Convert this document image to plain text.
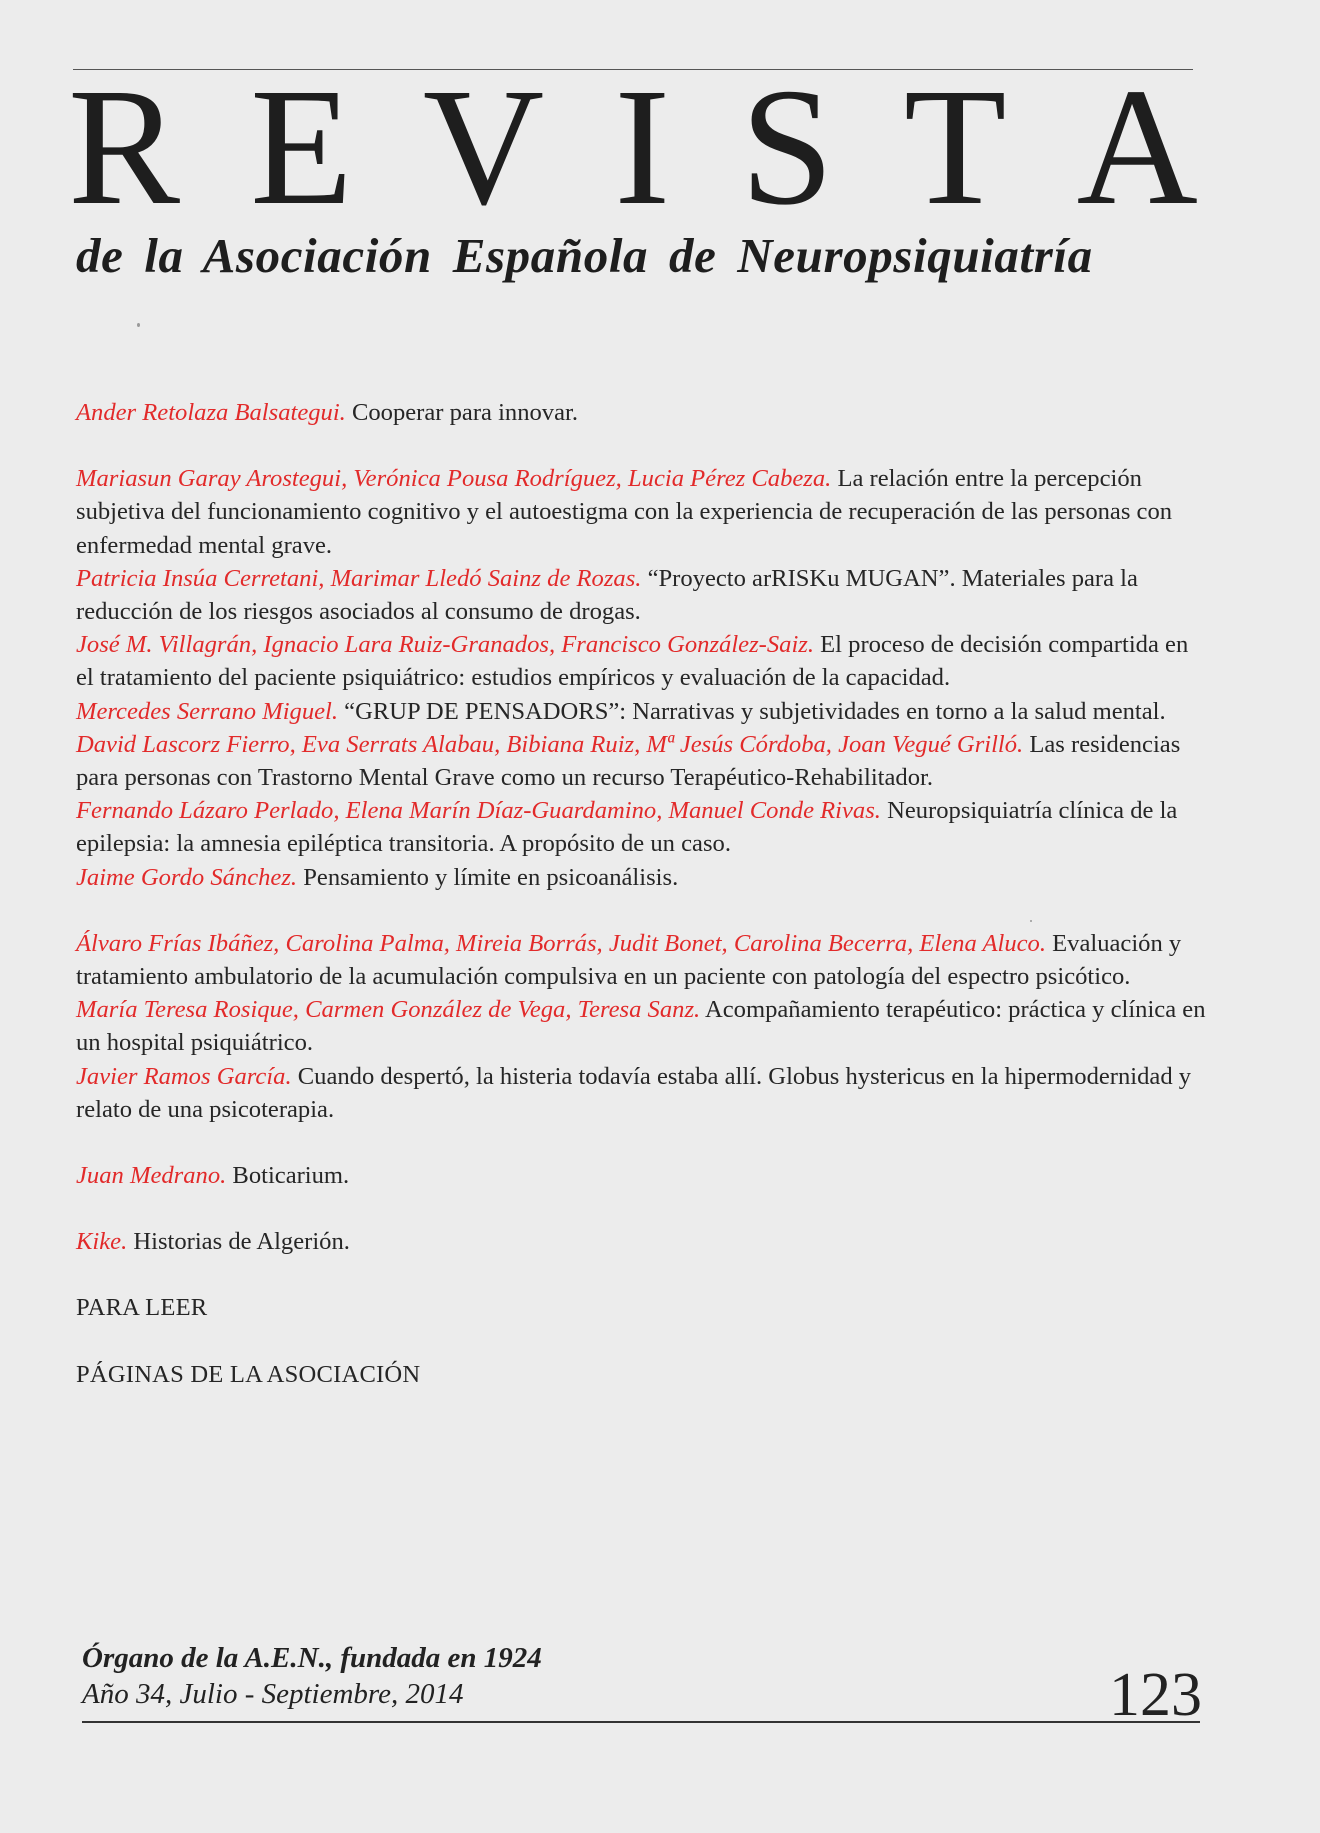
R E V I S T A
de la Asociación Española de Neuropsiquiatría

Ander Retolaza Balsategui. Cooperar para innovar.

Mariasun Garay Arostegui, Verónica Pousa Rodríguez, Lucia Pérez Cabeza. La relación entre la percepción subjetiva del funcionamiento cognitivo y el autoestigma con la experiencia de recuperación de las personas con enfermedad mental grave.

Patricia Insúa Cerretani, Marimar Lledó Sainz de Rozas. “Proyecto arRISKu MUGAN”. Materiales para la reducción de los riesgos asociados al consumo de drogas.

José M. Villagrán, Ignacio Lara Ruiz-Granados, Francisco González-Saiz. El proceso de decisión compartida en el tratamiento del paciente psiquiátrico: estudios empíricos y evaluación de la capacidad.

Mercedes Serrano Miguel. “GRUP DE PENSADORS”: Narrativas y subjetividades en torno a la salud mental.

David Lascorz Fierro, Eva Serrats Alabau, Bibiana Ruiz, Mª Jesús Córdoba, Joan Vegué Grilló. Las residencias para personas con Trastorno Mental Grave como un recurso Terapéutico-Rehabilitador.

Fernando Lázaro Perlado, Elena Marín Díaz-Guardamino, Manuel Conde Rivas. Neuropsiquiatría clínica de la epilepsia: la amnesia epiléptica transitoria. A propósito de un caso.

Jaime Gordo Sánchez. Pensamiento y límite en psicoanálisis.

Álvaro Frías Ibáñez, Carolina Palma, Mireia Borrás, Judit Bonet, Carolina Becerra, Elena Aluco. Evaluación y tratamiento ambulatorio de la acumulación compulsiva en un paciente con patología del espectro psicótico.

María Teresa Rosique, Carmen González de Vega, Teresa Sanz. Acompañamiento terapéutico: práctica y clínica en un hospital psiquiátrico.

Javier Ramos García. Cuando despertó, la histeria todavía estaba allí. Globus hystericus en la hipermodernidad y relato de una psicoterapia.

Juan Medrano. Boticarium.

Kike. Historias de Algerión.

PARA LEER

PÁGINAS DE LA ASOCIACIÓN

Órgano de la A.E.N., fundada en 1924
Año 34, Julio - Septiembre, 2014	123
